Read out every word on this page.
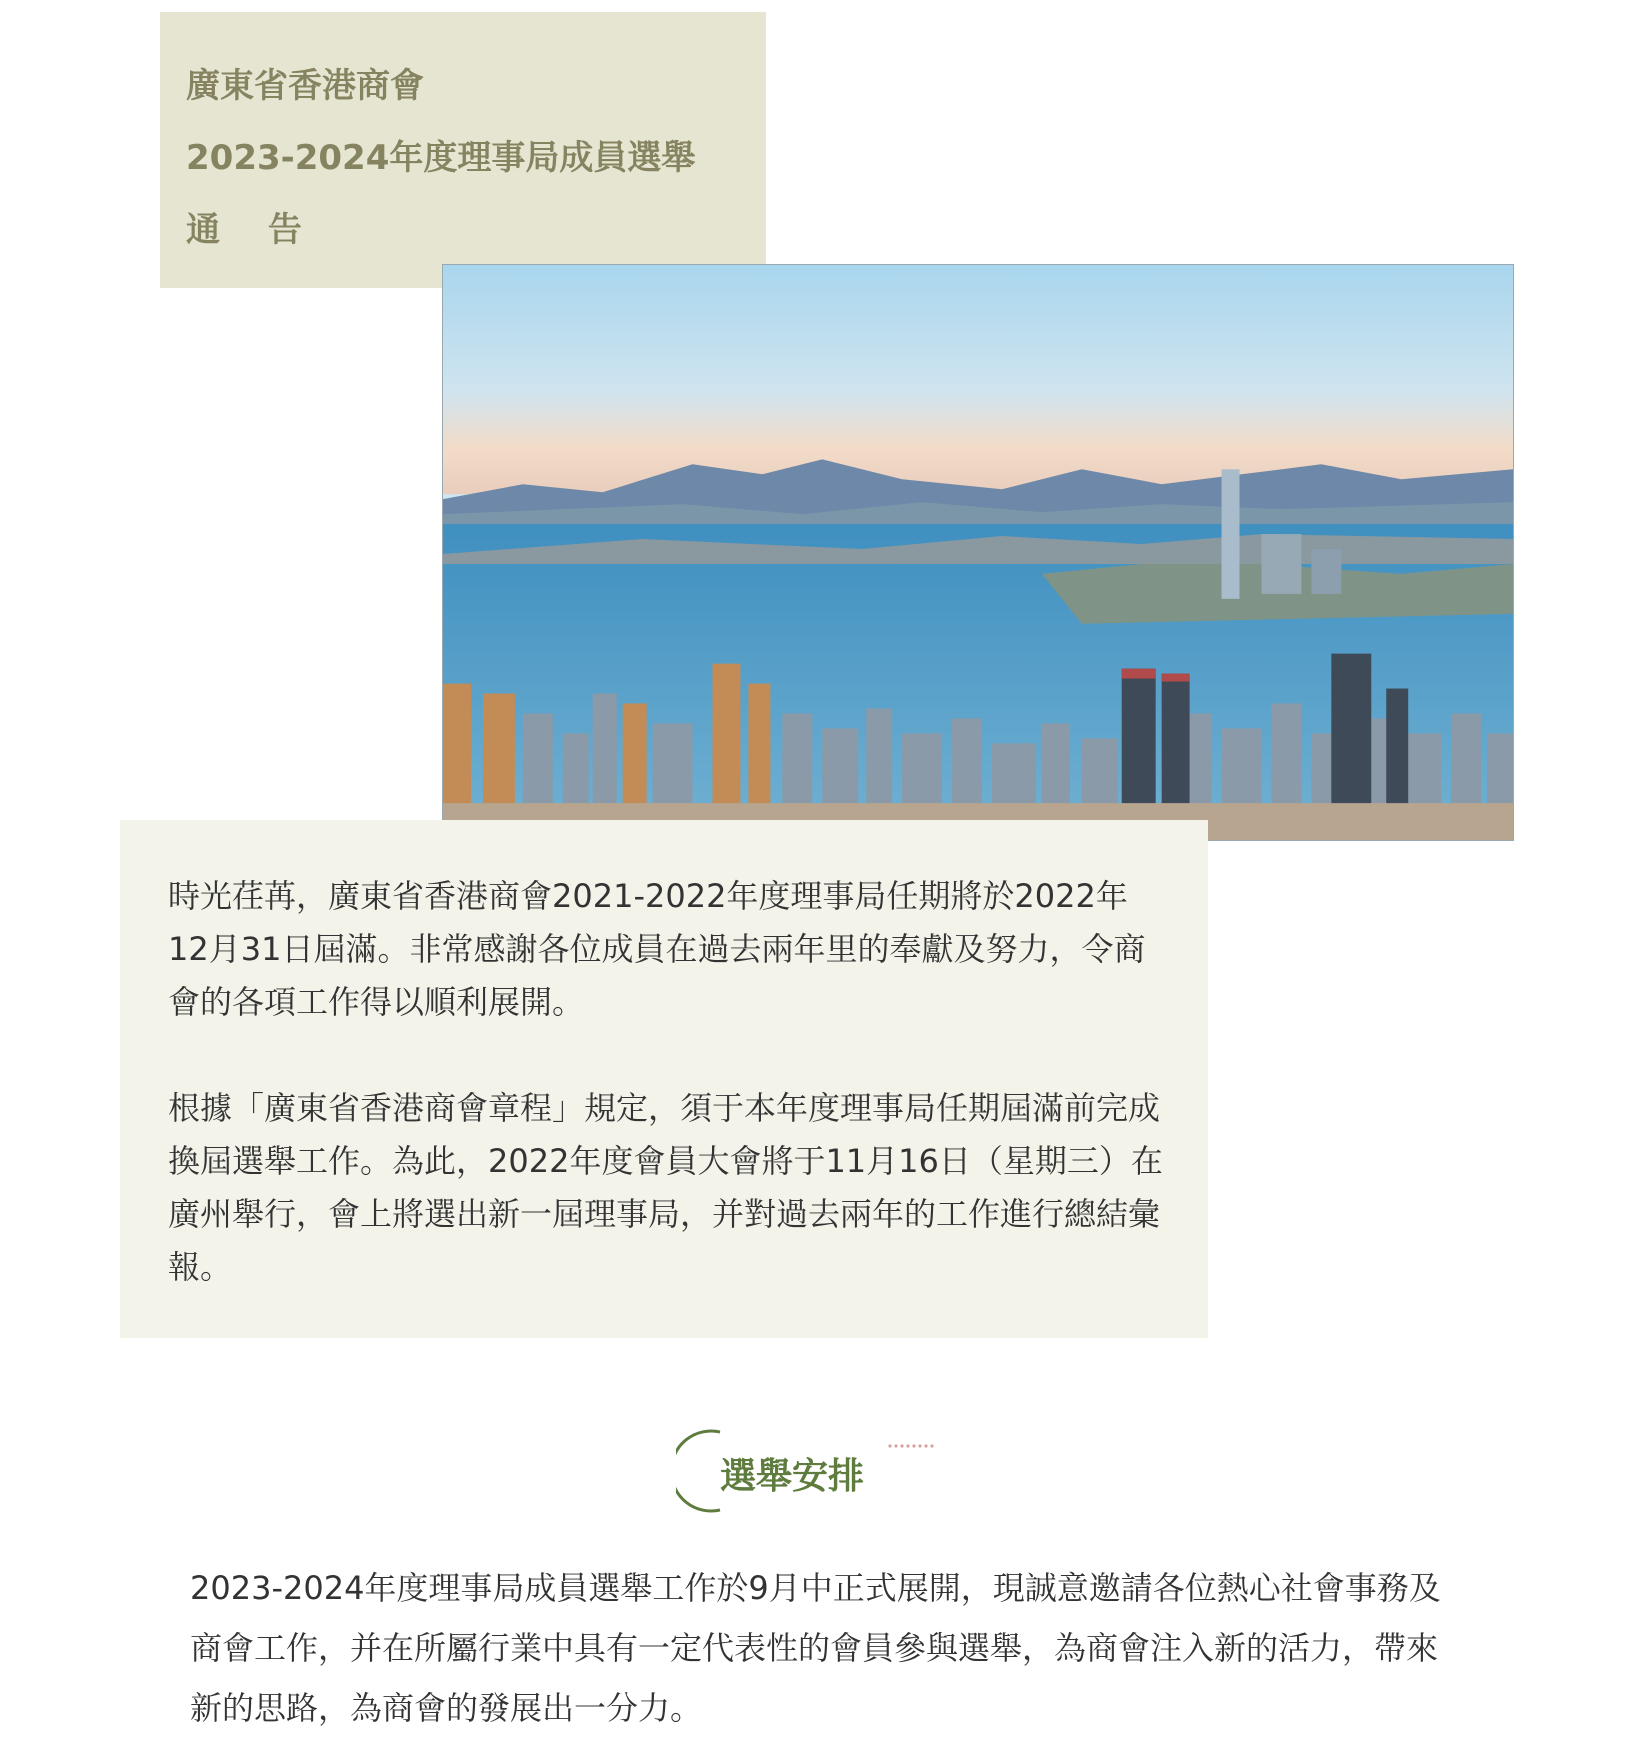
廣東省香港商會
2023-2024年度理事局成員選舉
通 告

時光荏苒，廣東省香港商會2021-2022年度理事局任期將於2022年12月31日屆滿。非常感謝各位成員在過去兩年里的奉獻及努力，令商會的各項工作得以順利展開。

根據「廣東省香港商會章程」規定，須于本年度理事局任期屆滿前完成換屆選舉工作。為此，2022年度會員大會將于11月16日（星期三）在廣州舉行，會上將選出新一屆理事局，并對過去兩年的工作進行總結彙報。

選舉安排

2023-2024年度理事局成員選舉工作於9月中正式展開，現誠意邀請各位熱心社會事務及商會工作，并在所屬行業中具有一定代表性的會員參與選舉，為商會注入新的活力，帶來新的思路，為商會的發展出一分力。
